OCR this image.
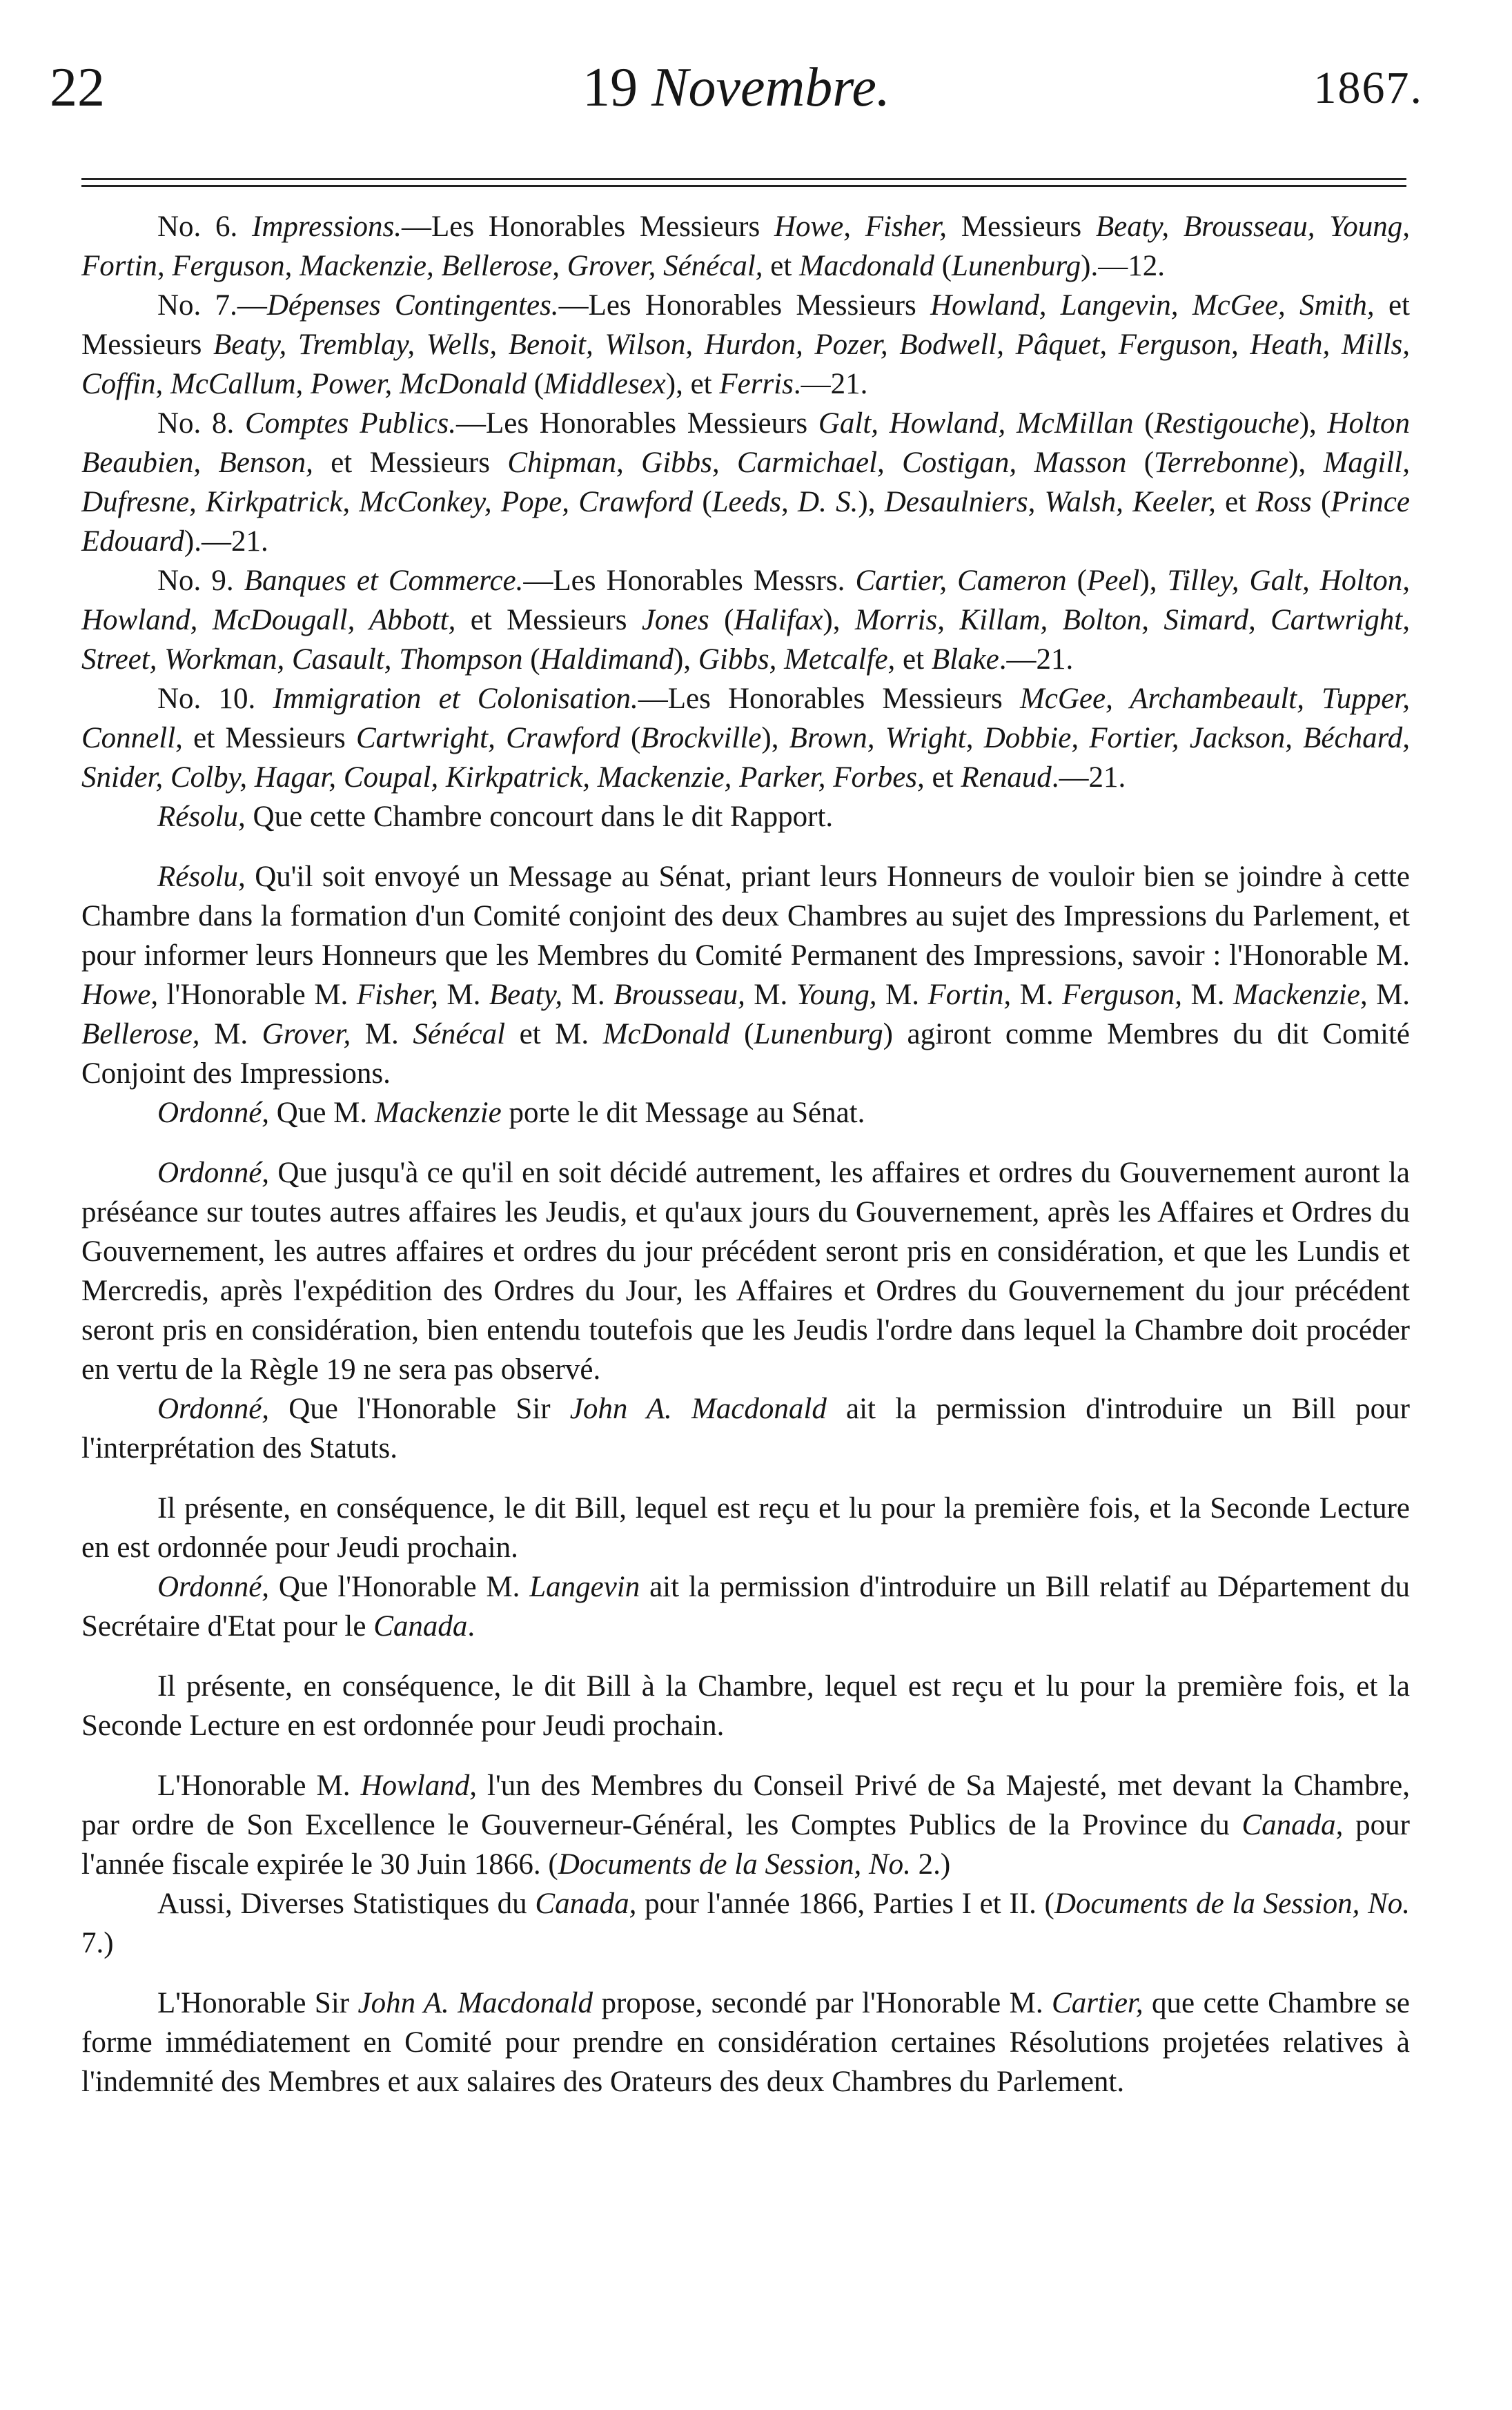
22	19 Novembre.	1867.

No. 6. Impressions.—Les Honorables Messieurs Howe, Fisher, Messieurs Beaty, Brousseau, Young, Fortin, Ferguson, Mackenzie, Bellerose, Grover, Sénécal, et Macdonald (Lunenburg).—12.

No. 7.—Dépenses Contingentes.—Les Honorables Messieurs Howland, Langevin, McGee, Smith, et Messieurs Beaty, Tremblay, Wells, Benoit, Wilson, Hurdon, Pozer, Bodwell, Pâquet, Ferguson, Heath, Mills, Coffin, McCallum, Power, McDonald (Middlesex), et Ferris.—21.

No. 8. Comptes Publics.—Les Honorables Messieurs Galt, Howland, McMillan (Restigouche), Holton Beaubien, Benson, et Messieurs Chipman, Gibbs, Carmichael, Costigan, Masson (Terrebonne), Magill, Dufresne, Kirkpatrick, McConkey, Pope, Crawford (Leeds, D. S.), Desaulniers, Walsh, Keeler, et Ross (Prince Edouard).—21.

No. 9. Banques et Commerce.—Les Honorables Messrs. Cartier, Cameron (Peel), Tilley, Galt, Holton, Howland, McDougall, Abbott, et Messieurs Jones (Halifax), Morris, Killam, Bolton, Simard, Cartwright, Street, Workman, Casault, Thompson (Haldimand), Gibbs, Metcalfe, et Blake.—21.

No. 10. Immigration et Colonisation.—Les Honorables Messieurs McGee, Archambeault, Tupper, Connell, et Messieurs Cartwright, Crawford (Brockville), Brown, Wright, Dobbie, Fortier, Jackson, Béchard, Snider, Colby, Hagar, Coupal, Kirkpatrick, Mackenzie, Parker, Forbes, et Renaud.—21.

Résolu, Que cette Chambre concourt dans le dit Rapport.

Résolu, Qu'il soit envoyé un Message au Sénat, priant leurs Honneurs de vouloir bien se joindre à cette Chambre dans la formation d'un Comité conjoint des deux Chambres au sujet des Impressions du Parlement, et pour informer leurs Honneurs que les Membres du Comité Permanent des Impressions, savoir : l'Honorable M. Howe, l'Honorable M. Fisher, M. Beaty, M. Brousseau, M. Young, M. Fortin, M. Ferguson, M. Mackenzie, M. Bellerose, M. Grover, M. Sénécal et M. McDonald (Lunenburg) agiront comme Membres du dit Comité Conjoint des Impressions.

Ordonné, Que M. Mackenzie porte le dit Message au Sénat.

Ordonné, Que jusqu'à ce qu'il en soit décidé autrement, les affaires et ordres du Gouvernement auront la préséance sur toutes autres affaires les Jeudis, et qu'aux jours du Gouvernement, après les Affaires et Ordres du Gouvernement, les autres affaires et ordres du jour précédent seront pris en considération, et que les Lundis et Mercredis, après l'expédition des Ordres du Jour, les Affaires et Ordres du Gouvernement du jour précédent seront pris en considération, bien entendu toutefois que les Jeudis l'ordre dans lequel la Chambre doit procéder en vertu de la Règle 19 ne sera pas observé.

Ordonné, Que l'Honorable Sir John A. Macdonald ait la permission d'introduire un Bill pour l'interprétation des Statuts.

Il présente, en conséquence, le dit Bill, lequel est reçu et lu pour la première fois, et la Seconde Lecture en est ordonnée pour Jeudi prochain.

Ordonné, Que l'Honorable M. Langevin ait la permission d'introduire un Bill relatif au Département du Secrétaire d'Etat pour le Canada.

Il présente, en conséquence, le dit Bill à la Chambre, lequel est reçu et lu pour la première fois, et la Seconde Lecture en est ordonnée pour Jeudi prochain.

L'Honorable M. Howland, l'un des Membres du Conseil Privé de Sa Majesté, met devant la Chambre, par ordre de Son Excellence le Gouverneur-Général, les Comptes Publics de la Province du Canada, pour l'année fiscale expirée le 30 Juin 1866. (Documents de la Session, No. 2.)

Aussi, Diverses Statistiques du Canada, pour l'année 1866, Parties I et II. (Documents de la Session, No. 7.)

L'Honorable Sir John A. Macdonald propose, secondé par l'Honorable M. Cartier, que cette Chambre se forme immédiatement en Comité pour prendre en considération certaines Résolutions projetées relatives à l'indemnité des Membres et aux salaires des Orateurs des deux Chambres du Parlement.
